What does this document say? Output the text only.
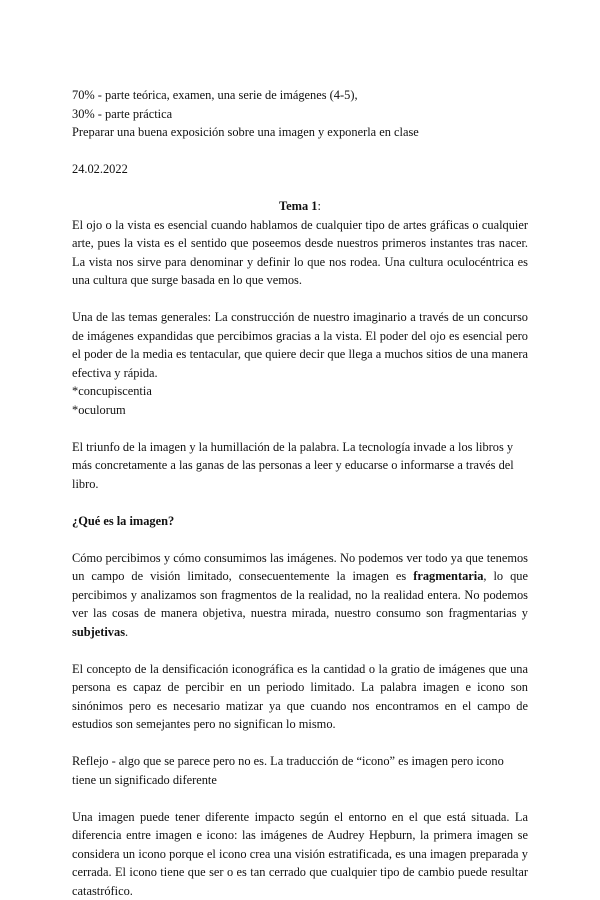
70% - parte teórica, examen, una serie de imágenes (4-5),
30% - parte práctica
Preparar una buena exposición sobre una imagen y exponerla en clase
24.02.2022

Tema 1:

El ojo o la vista es esencial cuando hablamos de cualquier tipo de artes gráficas o cualquier arte, pues la vista es el sentido que poseemos desde nuestros primeros instantes tras nacer. La vista nos sirve para denominar y definir lo que nos rodea. Una cultura oculocéntrica es una cultura que surge basada en lo que vemos.

Una de las temas generales: La construcción de nuestro imaginario a través de un concurso de imágenes expandidas que percibimos gracias a la vista. El poder del ojo es esencial pero el poder de la media es tentacular, que quiere decir que llega a muchos sitios de una manera efectiva y rápida.

*concupiscentia
*oculorum

El triunfo de la imagen y la humillación de la palabra. La tecnología invade a los libros y más concretamente a las ganas de las personas a leer y educarse o informarse a través del libro.

¿Qué es la imagen?

Cómo percibimos y cómo consumimos las imágenes. No podemos ver todo ya que tenemos un campo de visión limitado, consecuentemente la imagen es fragmentaria, lo que percibimos y analizamos son fragmentos de la realidad, no la realidad entera. No podemos ver las cosas de manera objetiva, nuestra mirada, nuestro consumo son fragmentarias y subjetivas.

El concepto de la densificación iconográfica es la cantidad o la gratio de imágenes que una persona es capaz de percibir en un periodo limitado. La palabra imagen e icono son sinónimos pero es necesario matizar ya que cuando nos encontramos en el campo de estudios son semejantes pero no significan lo mismo.

Reflejo - algo que se parece pero no es. La traducción de “icono” es imagen pero icono tiene un significado diferente

Una imagen puede tener diferente impacto según el entorno en el que está situada. La diferencia entre imagen e icono: las imágenes de Audrey Hepburn, la primera imagen se considera un icono porque el icono crea una visión estratificada, es una imagen preparada y cerrada. El icono tiene que ser o es tan cerrado que cualquier tipo de cambio puede resultar catastrófico.
